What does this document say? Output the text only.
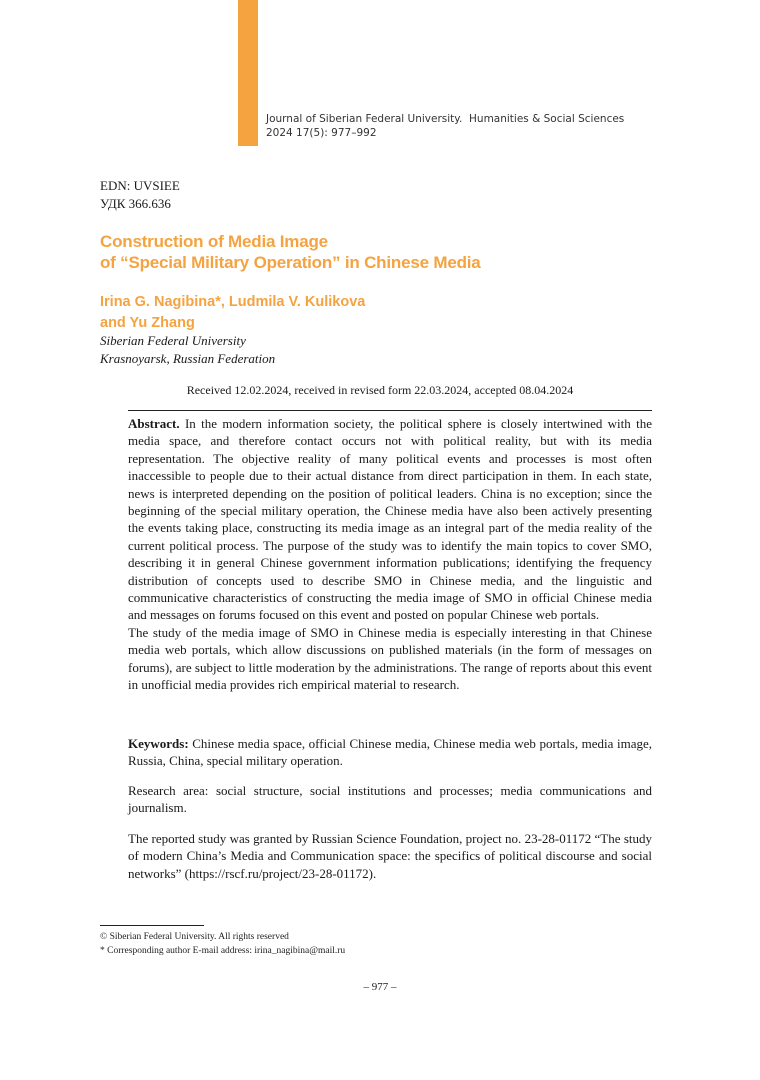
Journal of Siberian Federal University.  Humanities & Social Sciences
2024 17(5): 977–992
EDN: UVSIEE
УДК 366.636
Construction of Media Image
of “Special Military Operation” in Chinese Media
Irina G. Nagibina*, Ludmila V. Kulikova
and Yu Zhang
Siberian Federal University
Krasnoyarsk, Russian Federation
Received 12.02.2024, received in revised form 22.03.2024, accepted 08.04.2024

Abstract. In the modern information society, the political sphere is closely intertwined with the media space, and therefore contact occurs not with political reality, but with its media representation. The objective reality of many political events and processes is most often inaccessible to people due to their actual distance from direct participation in them. In each state, news is interpreted depending on the position of political leaders. China is no exception; since the beginning of the special military operation, the Chinese media have also been actively presenting the events taking place, constructing its media image as an integral part of the media reality of the current political process. The purpose of the study was to identify the main topics to cover SMO, describing it in general Chinese government information publications; identifying the frequency distribution of concepts used to describe SMO in Chinese media, and the linguistic and communicative characteristics of constructing the media image of SMO in official Chinese media and messages on forums focused on this event and posted on popular Chinese web portals.

The study of the media image of SMO in Chinese media is especially interesting in that Chinese media web portals, which allow discussions on published materials (in the form of messages on forums), are subject to little moderation by the administrations. The range of reports about this event in unofficial media provides rich empirical material to research.

Keywords: Chinese media space, official Chinese media, Chinese media web portals, media image, Russia, China, special military operation.

Research area: social structure, social institutions and processes; media communications and journalism.

The reported study was granted by Russian Science Foundation, project no. 23-28-01172 “The study of modern China’s Media and Communication space: the specifics of political discourse and social networks” (https://rscf.ru/project/23-28-01172).

© Siberian Federal University. All rights reserved
* Corresponding author E-mail address: irina_nagibina@mail.ru
– 977 –
